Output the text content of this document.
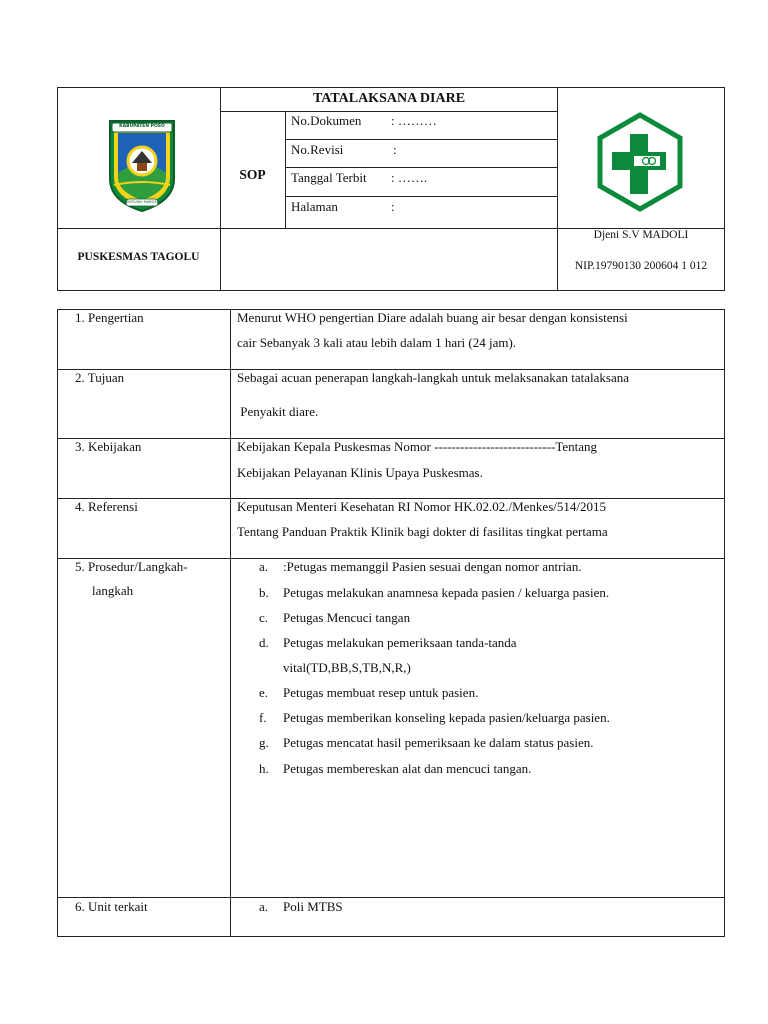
KABUPATEN POSO
SINTUWU MAROSO
TATALAKSANA DIARE
SOP
No.Dokumen : ………
No.Revisi	:
Tanggal Terbit : …….
Halaman	:
PUSKESMAS TAGOLU
Djeni S.V MADOLI
NIP.19790130 200604 1 012
1. Pengertian	Menurut WHO pengertian Diare adalah buang air besar dengan konsistensi
cair Sebanyak 3 kali atau lebih dalam 1 hari (24 jam).
2. Tujuan	Sebagai acuan penerapan langkah-langkah untuk melaksanakan tatalaksana
Penyakit diare.
3. Kebijakan	Kebijakan Kepala Puskesmas Nomor ----------------------------Tentang
Kebijakan Pelayanan Klinis Upaya Puskesmas.
4. Referensi	Keputusan Menteri Kesehatan RI Nomor HK.02.02./Menkes/514/2015
Tentang Panduan Praktik Klinik bagi dokter di fasilitas tingkat pertama
5. Prosedur/Langkah-
langkah
a. :Petugas memanggil Pasien sesuai dengan nomor antrian.
b. Petugas melakukan anamnesa kepada pasien / keluarga pasien.
c. Petugas Mencuci tangan
d. Petugas melakukan pemeriksaan tanda-tanda
vital(TD,BB,S,TB,N,R,)
e. Petugas membuat resep untuk pasien.
f. Petugas memberikan konseling kepada pasien/keluarga pasien.
g. Petugas mencatat hasil pemeriksaan ke dalam status pasien.
h. Petugas membereskan alat dan mencuci tangan.
6. Unit terkait	a. Poli MTBS
